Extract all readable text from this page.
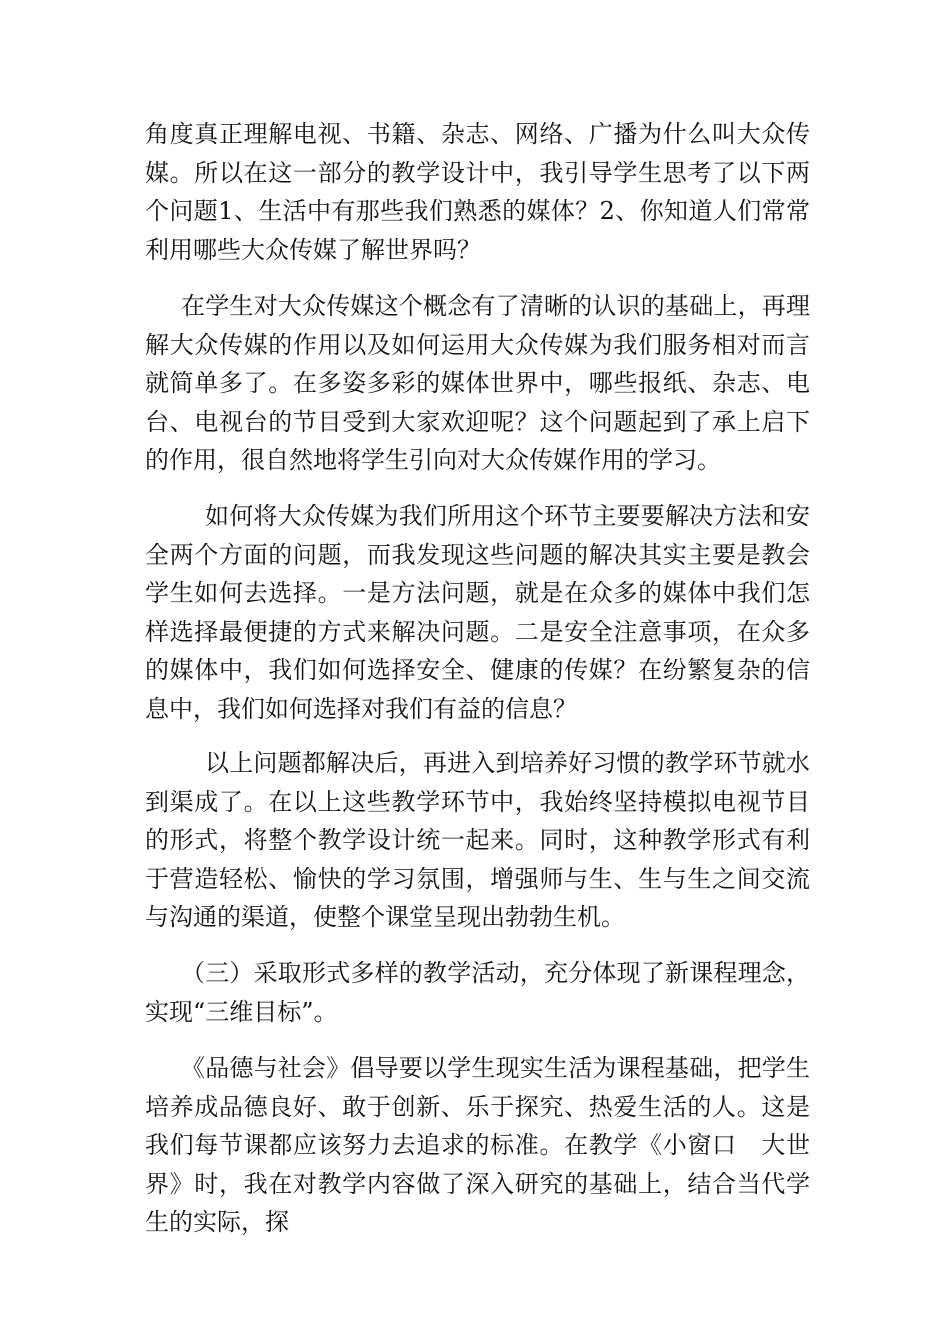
角度真正理解电视、书籍、杂志、网络、广播为什么叫大众传媒。所以在这一部分的教学设计中，我引导学生思考了以下两个问题1、生活中有那些我们熟悉的媒体？2、你知道人们常常利用哪些大众传媒了解世界吗？

在学生对大众传媒这个概念有了清晰的认识的基础上，再理解大众传媒的作用以及如何运用大众传媒为我们服务相对而言就简单多了。在多姿多彩的媒体世界中，哪些报纸、杂志、电台、电视台的节目受到大家欢迎呢？这个问题起到了承上启下的作用，很自然地将学生引向对大众传媒作用的学习。

如何将大众传媒为我们所用这个环节主要要解决方法和安全两个方面的问题，而我发现这些问题的解决其实主要是教会学生如何去选择。一是方法问题，就是在众多的媒体中我们怎样选择最便捷的方式来解决问题。二是安全注意事项，在众多的媒体中，我们如何选择安全、健康的传媒？在纷繁复杂的信息中，我们如何选择对我们有益的信息？

以上问题都解决后，再进入到培养好习惯的教学环节就水到渠成了。在以上这些教学环节中，我始终坚持模拟电视节目的形式，将整个教学设计统一起来。同时，这种教学形式有利于营造轻松、愉快的学习氛围，增强师与生、生与生之间交流与沟通的渠道，使整个课堂呈现出勃勃生机。

（三）采取形式多样的教学活动，充分体现了新课程理念，实现“三维目标”。

《品德与社会》倡导要以学生现实生活为课程基础，把学生培养成品德良好、敢于创新、乐于探究、热爱生活的人。这是我们每节课都应该努力去追求的标准。在教学《小窗口　大世界》时，我在对教学内容做了深入研究的基础上，结合当代学生的实际，探
